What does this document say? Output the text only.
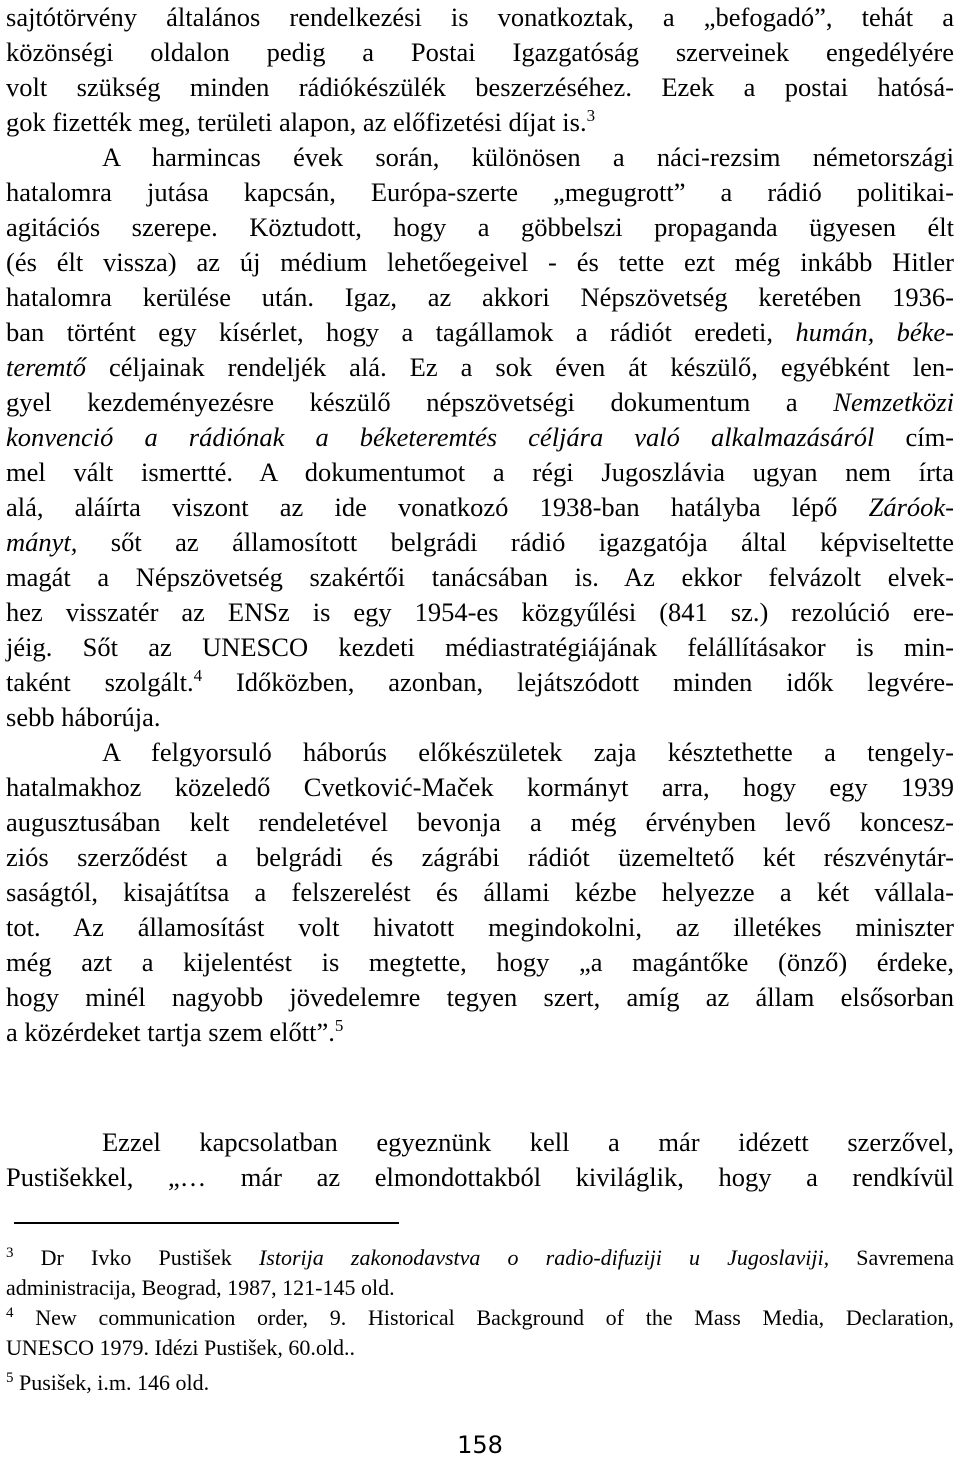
sajtótörvény általános rendelkezési is vonatkoztak, a „befogadó”, tehát a
közönségi oldalon pedig a Postai Igazgatóság szerveinek engedélyére
volt szükség minden rádiókészülék beszerzéséhez. Ezek a postai hatósá-
gok fizették meg, területi alapon, az előfizetési díjat is.$^3$
A harmincas évek során, különösen a náci-rezsim németországi
hatalomra jutása kapcsán, Európa-szerte „megugrott” a rádió politikai-
agitációs szerepe. Köztudott, hogy a göbbelszi propaganda ügyesen élt
(és élt vissza) az új médium lehetőegeivel - és tette ezt még inkább Hitler
hatalomra kerülése után. Igaz, az akkori Népszövetség keretében 1936-
ban történt egy kísérlet, hogy a tagállamok a rádiót eredeti, humán, béke-
teremtő céljainak rendeljék alá. Ez a sok éven át készülő, egyébként len-
gyel kezdeményezésre készülő népszövetségi dokumentum a Nemzetközi
konvenció a rádiónak a béketeremtés céljára való alkalmazásáról cím-
mel vált ismertté. A dokumentumot a régi Jugoszlávia ugyan nem írta
alá, aláírta viszont az ide vonatkozó 1938-ban hatályba lépő Záróok-
mányt, sőt az államosított belgrádi rádió igazgatója által képviseltette
magát a Népszövetség szakértői tanácsában is. Az ekkor felvázolt elvek-
hez visszatér az ENSz is egy 1954-es közgyűlési (841 sz.) rezolúció ere-
jéig. Sőt az UNESCO kezdeti médiastratégiájának felállításakor is min-
taként szolgált.$^4$ Időközben, azonban, lejátszódott minden idők legvére-
sebb háborúja.
A felgyorsuló háborús előkészületek zaja késztethette a tengely-
hatalmakhoz közeledő Cvetković-Maček kormányt arra, hogy egy 1939
augusztusában kelt rendeletével bevonja a még érvényben levő koncesz-
ziós szerződést a belgrádi és zágrábi rádiót üzemeltető két részvénytár-
saságtól, kisajátítsa a felszerelést és állami kézbe helyezze a két vállala-
tot. Az államosítást volt hivatott megindokolni, az illetékes miniszter
még azt a kijelentést is megtette, hogy „a magántőke (önző) érdeke,
hogy minél nagyobb jövedelemre tegyen szert, amíg az állam elsősorban
a közérdeket tartja szem előtt”.$^5$
Ezzel kapcsolatban egyeznünk kell a már idézett szerzővel,
Pustišekkel, „… már az elmondottakból kiviláglik, hogy a rendkívül
$^3$ Dr Ivko Pustišek Istorija zakonodavstva o radio-difuziji u Jugoslaviji, Savremena
administracija, Beograd, 1987, 121-145 old.
$^4$ New communication order, 9. Historical Background of the Mass Media, Declaration,
UNESCO 1979. Idézi Pustišek, 60.old..
$^5$ Pusišek, i.m. 146 old.
158
